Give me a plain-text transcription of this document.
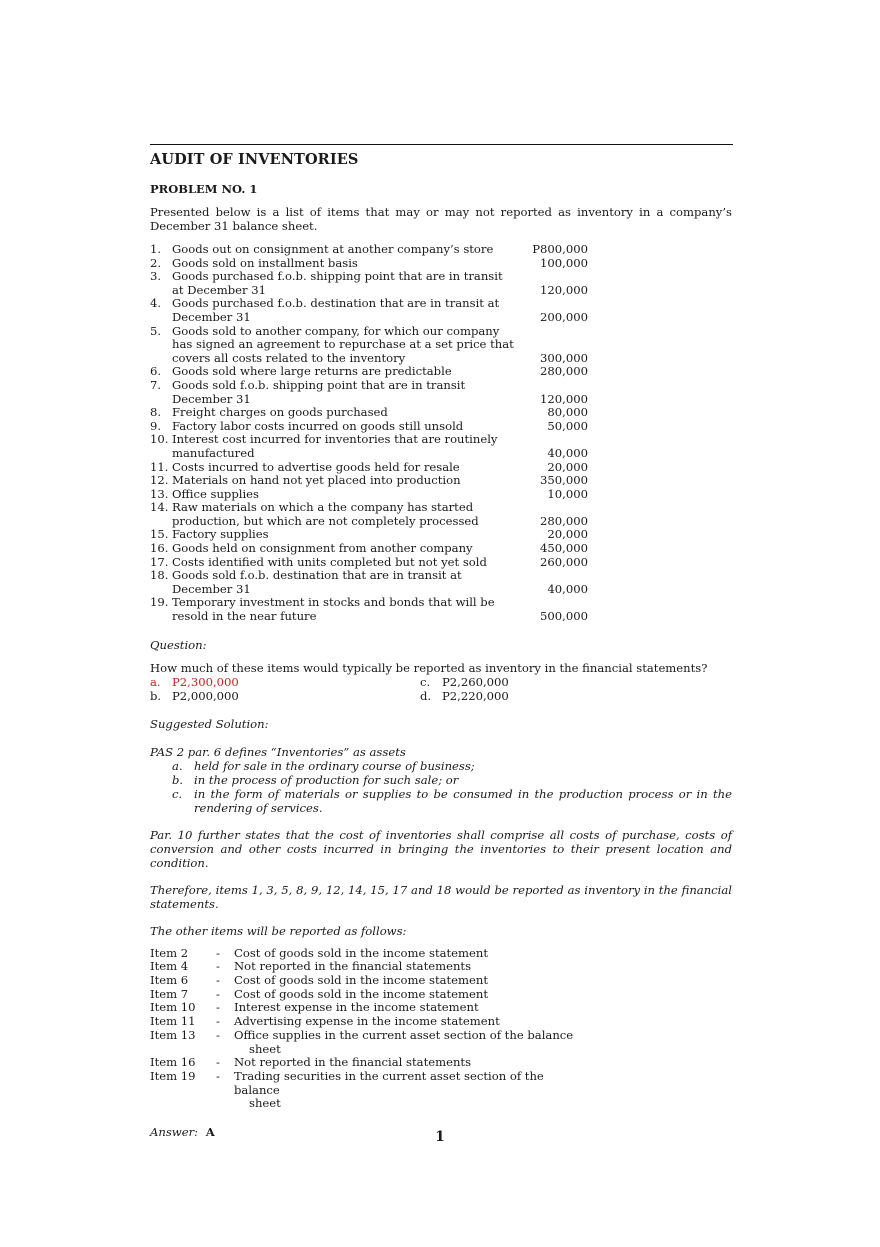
AUDIT OF INVENTORIES
PROBLEM NO. 1
Presented below is a list of items that may or may not reported as inventory in a company’s December 31 balance sheet.
1. Goods out on consignment at another company’s store	P800,000
2. Goods sold on installment basis	100,000
3. Goods purchased f.o.b. shipping point that are in transit
at December 31	120,000
4. Goods purchased f.o.b. destination that are in transit at
December 31	200,000
5. Goods sold to another company, for which our company
has signed an agreement to repurchase at a set price that
covers all costs related to the inventory	300,000
6. Goods sold where large returns are predictable	280,000
7. Goods sold f.o.b. shipping point that are in transit
December 31	120,000
8. Freight charges on goods purchased	80,000
9. Factory labor costs incurred on goods still unsold	50,000
10. Interest cost incurred for inventories that are routinely
manufactured	40,000
11. Costs incurred to advertise goods held for resale	20,000
12. Materials on hand not yet placed into production	350,000
13. Office supplies	10,000
14. Raw materials on which a the company has started
production, but which are not completely processed	280,000
15. Factory supplies	20,000
16. Goods held on consignment from another company	450,000
17. Costs identified with units completed but not yet sold	260,000
18. Goods sold f.o.b. destination that are in transit at
December 31	40,000
19. Temporary investment in stocks and bonds that will be
resold in the near future	500,000
Question:
How much of these items would typically be reported as inventory in the financial statements?
a. P2,300,000	c.	P2,260,000
b. P2,000,000	d. P2,220,000
Suggested Solution:
PAS 2 par. 6 defines “Inventories” as assets
a. held for sale in the ordinary course of business;
b. in the process of production for such sale; or
c.	in the form of materials or supplies to be consumed in the production process or in the rendering of services.
Par. 10 further states that the cost of inventories shall comprise all costs of purchase, costs of conversion and other costs incurred in bringing the inventories to their present location and condition.
Therefore, items 1, 3, 5, 8, 9, 12, 14, 15, 17 and 18 would be reported as inventory in the financial statements.
The other items will be reported as follows:
Item 2	-	Cost of goods sold in the income statement
Item 4	-	Not reported in the financial statements
Item 6	-	Cost of goods sold in the income statement
Item 7	-	Cost of goods sold in the income statement
Item 10	-	Interest expense in the income statement
Item 11	-	Advertising expense in the income statement
Item 13	-	Office supplies in the current asset section of the balance
sheet
Item 16	-	Not reported in the financial statements
Item 19	-	Trading securities in the current asset section of the balance
sheet
Answer: A	1
